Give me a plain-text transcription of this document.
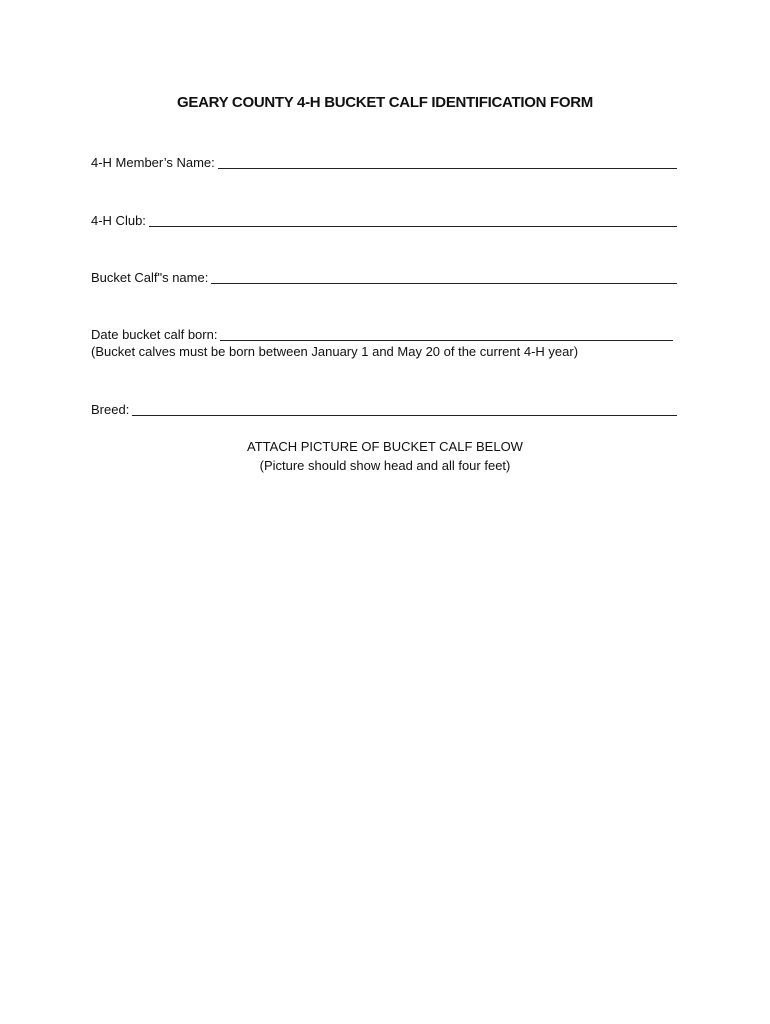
GEARY COUNTY 4-H BUCKET CALF IDENTIFICATION FORM
4-H Member’s Name:
4-H Club:
Bucket Calf"s name:
Date bucket calf born:
(Bucket calves must be born between January 1 and May 20 of the current 4-H year)
Breed:
ATTACH PICTURE OF BUCKET CALF BELOW
(Picture should show head and all four feet)
